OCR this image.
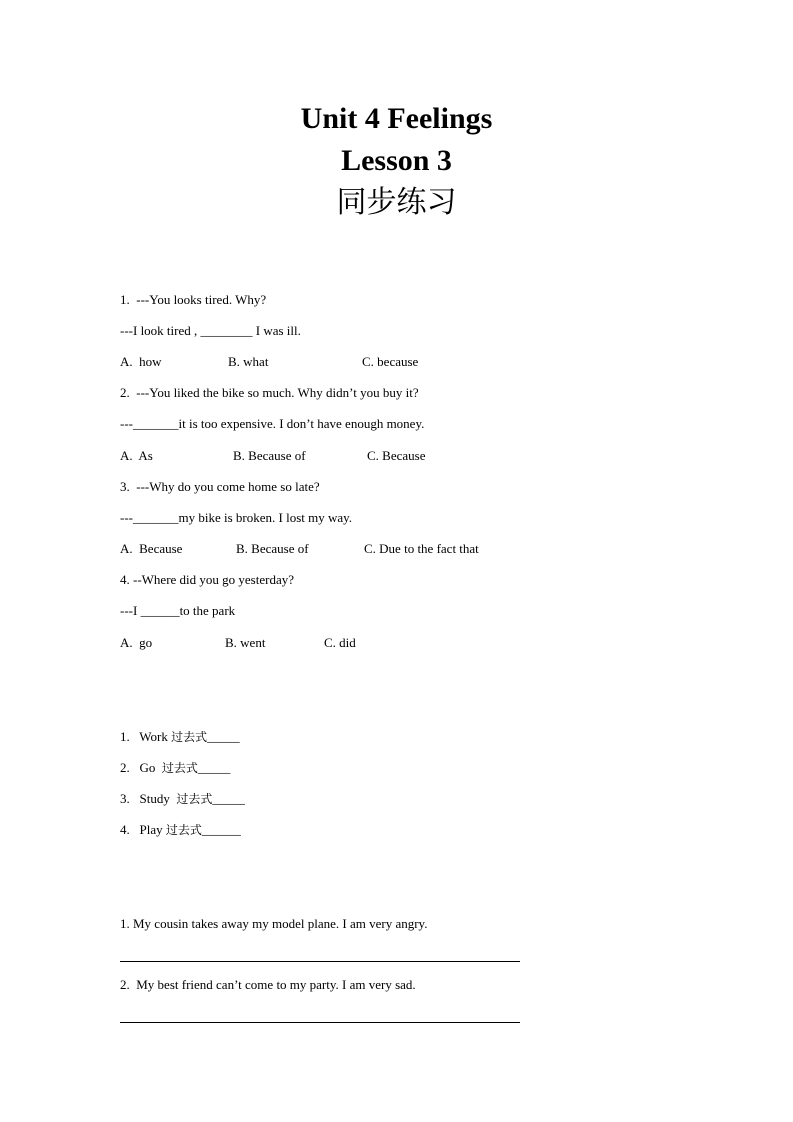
Unit 4 Feelings
Lesson 3
同步练习
1.  ---You looks tired. Why?
---I look tired , ________ I was ill.
A.  how	B. what	C. because
2.  ---You liked the bike so much. Why didn’t you buy it?
---_______it is too expensive. I don’t have enough money.
A.  As	B. Because of	C. Because
3.  ---Why do you come home so late?
---_______my bike is broken. I lost my way.
A.  Because	B. Because of	C. Due to the fact that
4. --Where did you go yesterday?
---I ______to the park
A.  go	B. went	C. did
1. Work 过去式_____
2. Go  过去式_____
3. Study  过去式_____
4. Play 过去式______
1. My cousin takes away my model plane. I am very angry.
2.  My best friend can’t come to my party. I am very sad.
